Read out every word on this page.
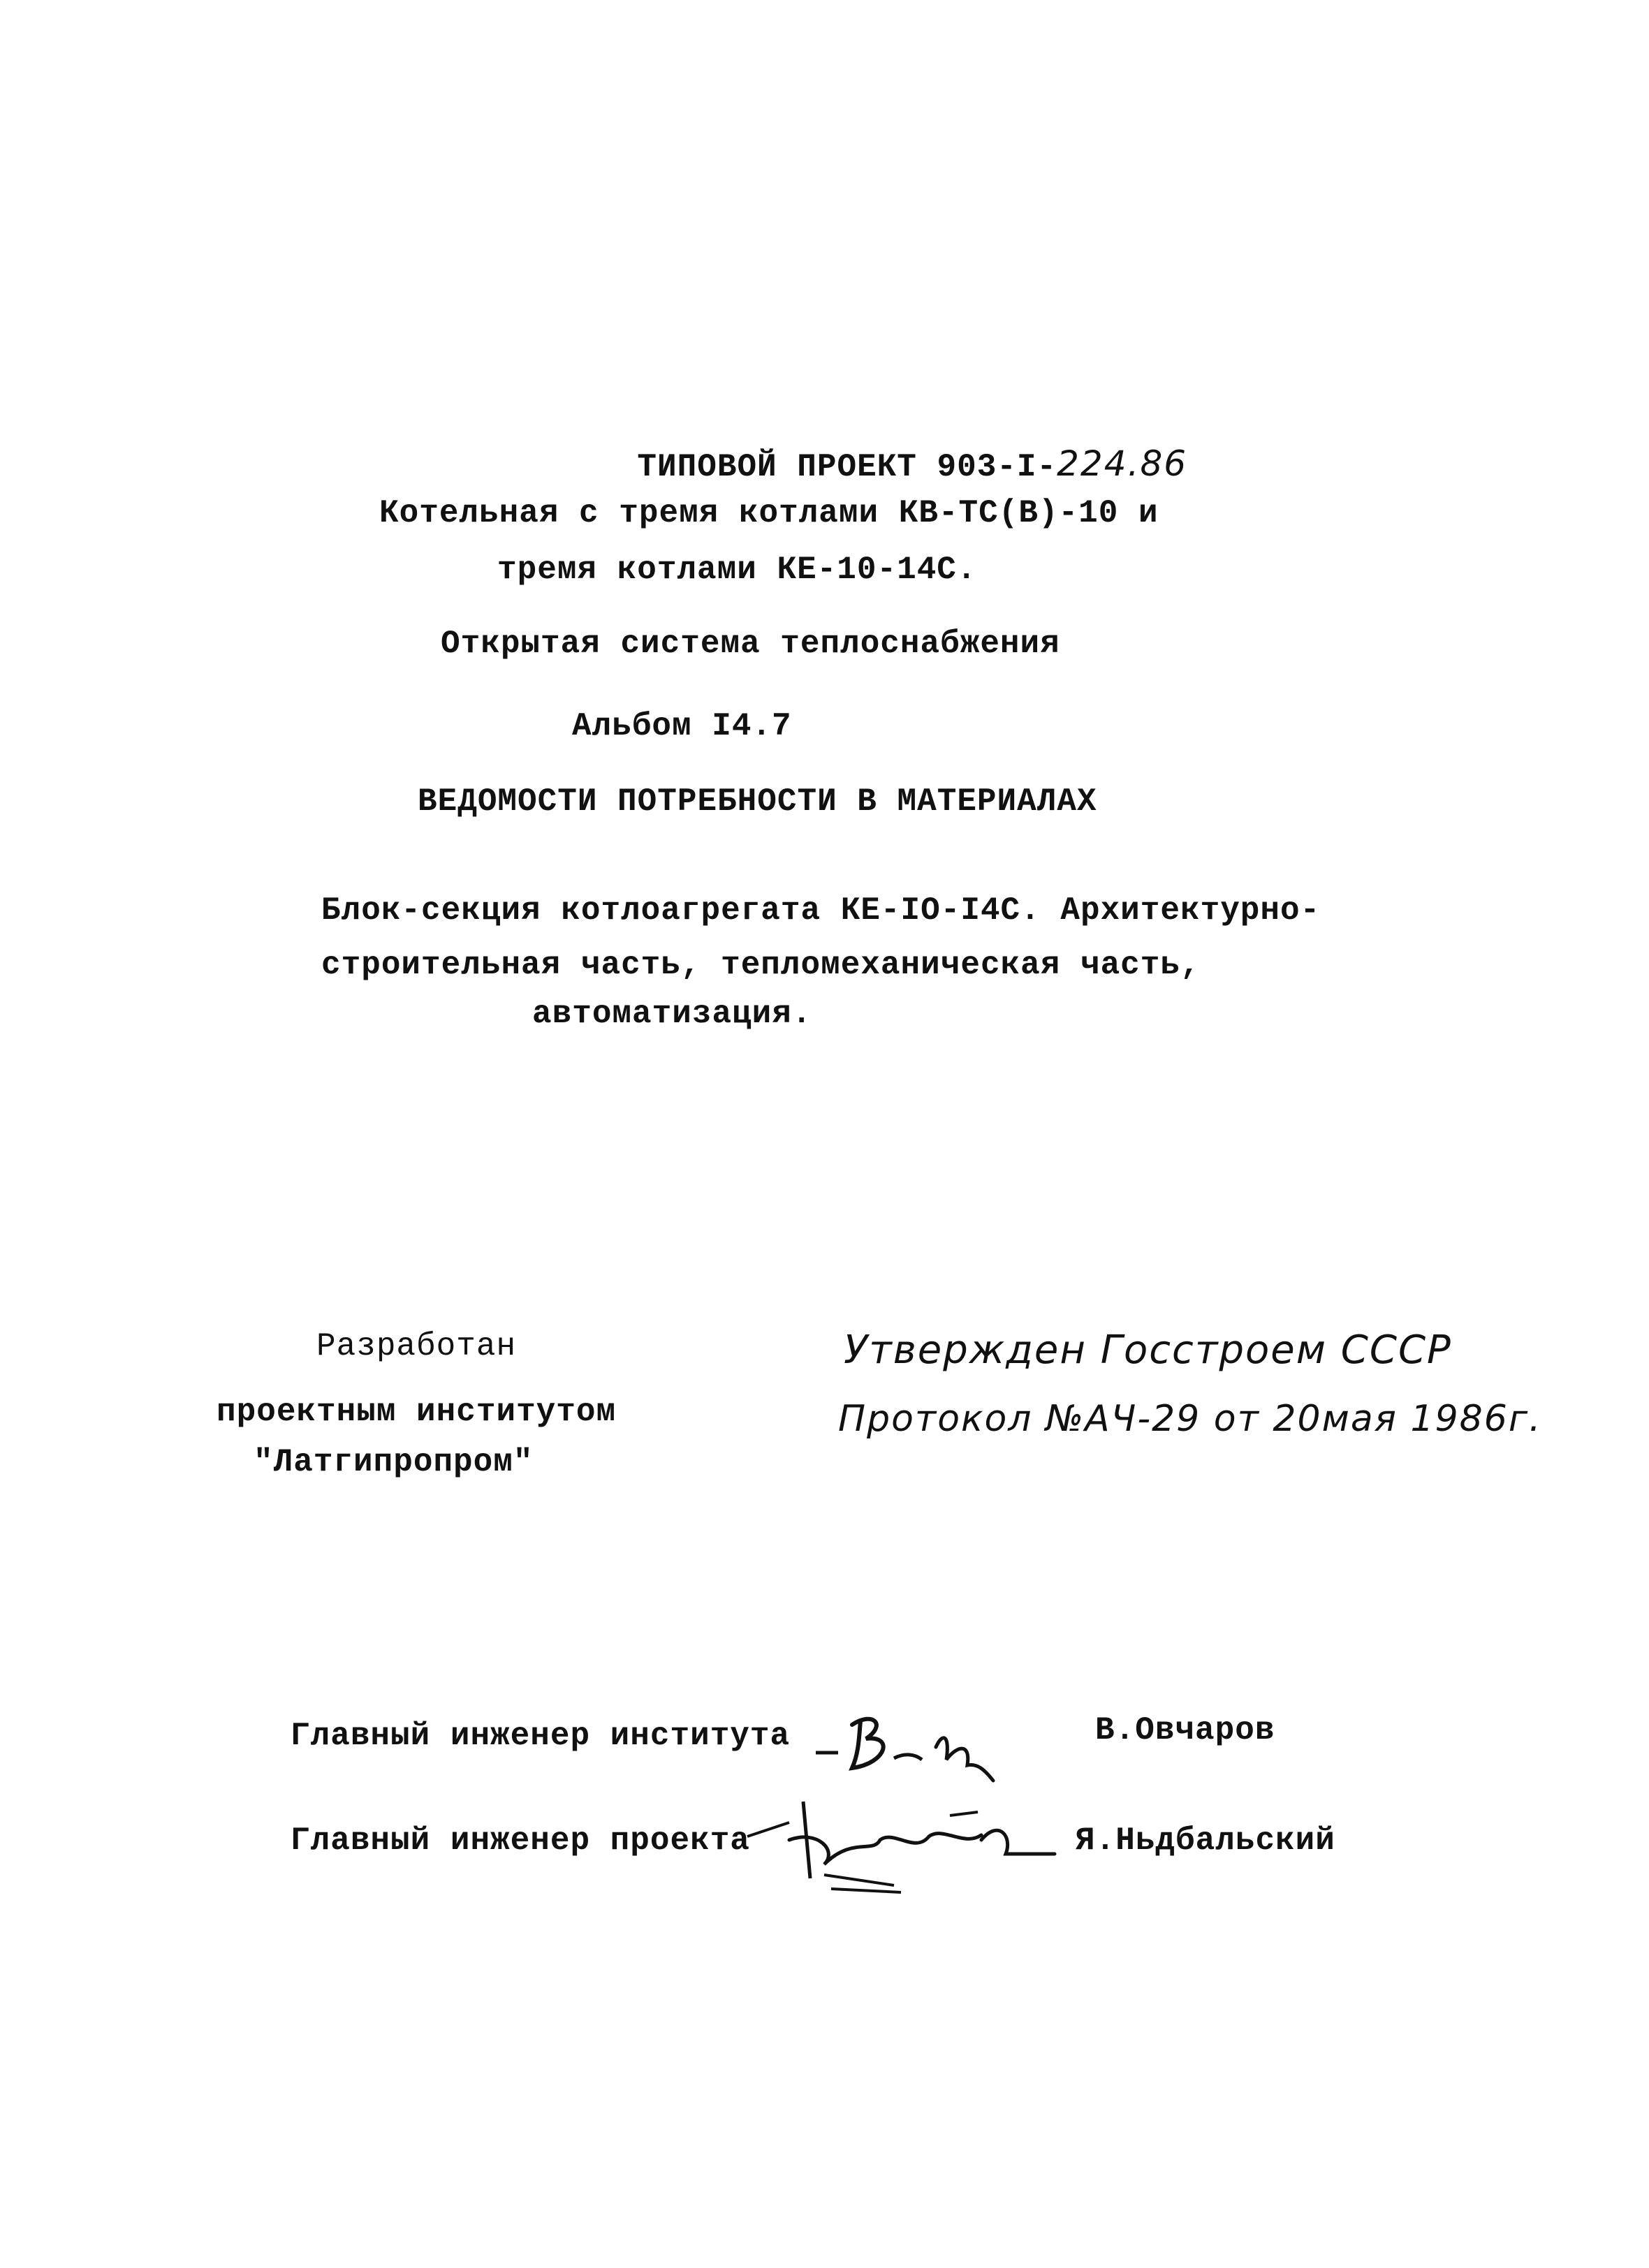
ТИПОВОЙ ПРОЕКТ 903-I-224.86

Котельная с тремя котлами КВ-ТС(В)-10 и
тремя котлами КЕ-10-14С.
Открытая система теплоснабжения
Альбом I4.7
ВЕДОМОСТИ ПОТРЕБНОСТИ В МАТЕРИАЛАХ
Блок-секция котлоагрегата КЕ-IO-I4С. Архитектурно-
строительная часть, тепломеханическая часть,
автоматизация.
Разработан
проектным институтом
"Латгипропром"
Утвержден Госстроем СССР
Протокол №АЧ-29 от 20мая 1986г.
Главный инженер института	В.Овчаров
Главный инженер проекта	Я.Ньдбальский
